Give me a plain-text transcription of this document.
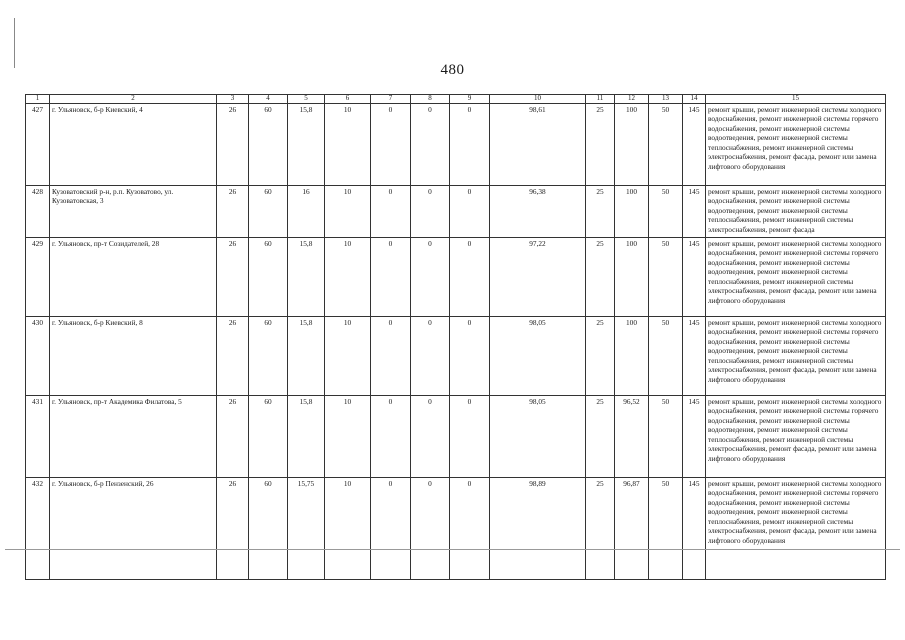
480
1	2	3	4	5	6	7	8	9	10	11	12	13	14	15
427	г. Ульяновск, б-р Киевский, 4	26	60	15,8	10	0	0	0	98,61	25	100	50	145	ремонт крыши, ремонт инженерной системы холодного водоснабжения, ремонт инженерной системы горячего водоснабжения, ремонт инженерной системы водоотведения, ремонт инженерной системы теплоснабжения, ремонт инженерной системы электроснабжения, ремонт фасада, ремонт или замена лифтового оборудования
428	Кузоватовский р-н, р.п. Кузоватово, ул. Кузоватовская, 3	26	60	16	10	0	0	0	96,38	25	100	50	145	ремонт крыши, ремонт инженерной системы холодного водоснабжения, ремонт инженерной системы водоотведения, ремонт инженерной системы теплоснабжения, ремонт инженерной системы электроснабжения, ремонт фасада
429	г. Ульяновск, пр-т Созидателей, 28	26	60	15,8	10	0	0	0	97,22	25	100	50	145	ремонт крыши, ремонт инженерной системы холодного водоснабжения, ремонт инженерной системы горячего водоснабжения, ремонт инженерной системы водоотведения, ремонт инженерной системы теплоснабжения, ремонт инженерной системы электроснабжения, ремонт фасада, ремонт или замена лифтового оборудования
430	г. Ульяновск, б-р Киевский, 8	26	60	15,8	10	0	0	0	98,05	25	100	50	145	ремонт крыши, ремонт инженерной системы холодного водоснабжения, ремонт инженерной системы горячего водоснабжения, ремонт инженерной системы водоотведения, ремонт инженерной системы теплоснабжения, ремонт инженерной системы электроснабжения, ремонт фасада, ремонт или замена лифтового оборудования
431	г. Ульяновск, пр-т Академика Филатова, 5	26	60	15,8	10	0	0	0	98,05	25	96,52	50	145	ремонт крыши, ремонт инженерной системы холодного водоснабжения, ремонт инженерной системы горячего водоснабжения, ремонт инженерной системы водоотведения, ремонт инженерной системы теплоснабжения, ремонт инженерной системы электроснабжения, ремонт фасада, ремонт или замена лифтового оборудования
432	г. Ульяновск, б-р Пензенский, 26	26	60	15,75	10	0	0	0	98,89	25	96,87	50	145	ремонт крыши, ремонт инженерной системы холодного водоснабжения, ремонт инженерной системы горячего водоснабжения, ремонт инженерной системы водоотведения, ремонт инженерной системы теплоснабжения, ремонт инженерной системы электроснабжения, ремонт фасада, ремонт или замена лифтового оборудования
